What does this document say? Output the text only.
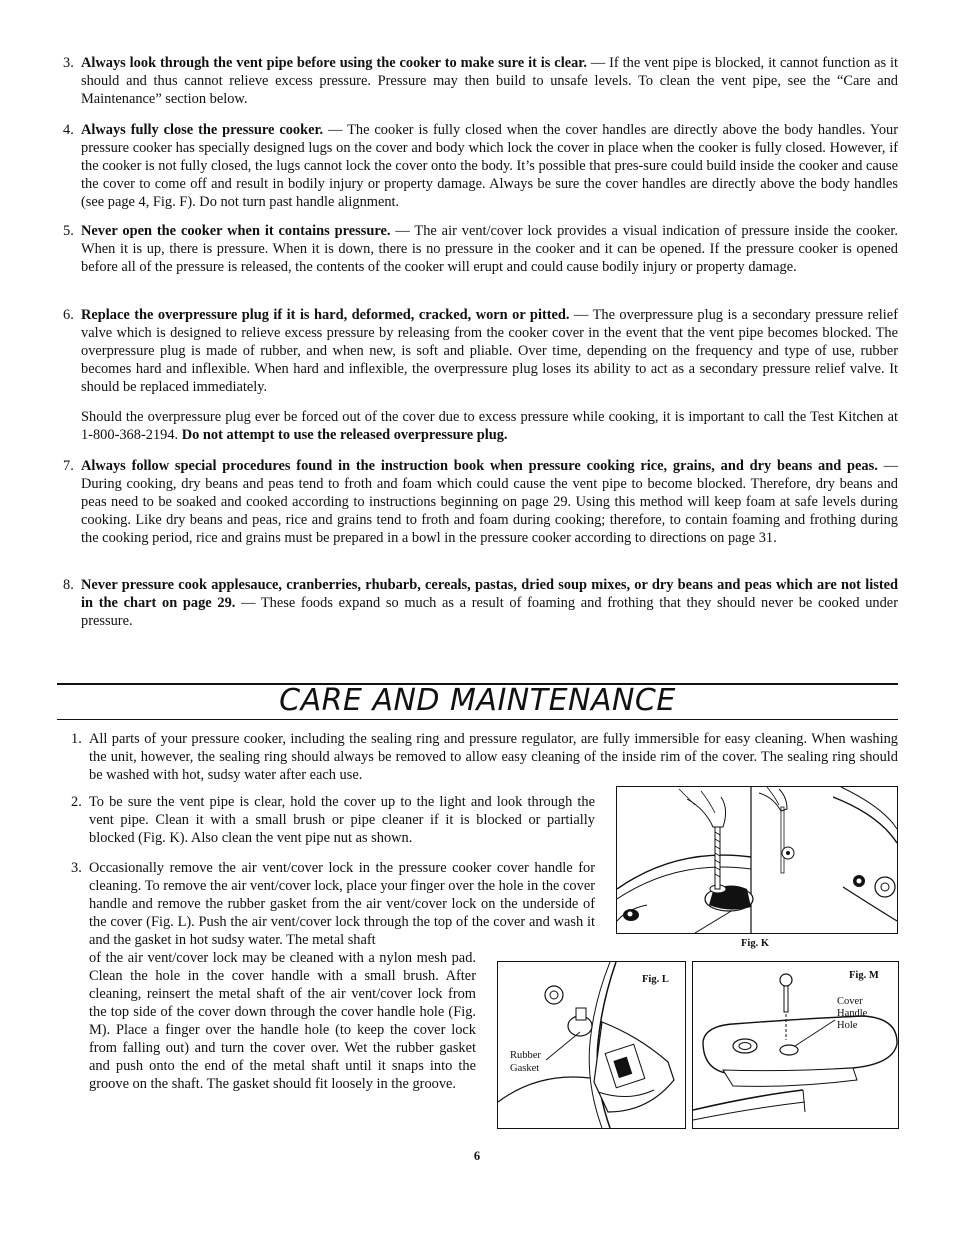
3. Always look through the vent pipe before using the cooker to make sure it is clear. — If the vent pipe is blocked, it cannot function as it should and thus cannot relieve excess pressure. Pressure may then build to unsafe levels. To clean the vent pipe, see the “Care and Maintenance” section below.

4. Always fully close the pressure cooker. — The cooker is fully closed when the cover handles are directly above the body handles. Your pressure cooker has specially designed lugs on the cover and body which lock the cover in place when the cooker is fully closed. However, if the cooker is not fully closed, the lugs cannot lock the cover onto the body. It’s possible that pres-sure could build inside the cooker and cause the cover to come off and result in bodily injury or property damage. Always be sure the cover handles are directly above the body handles (see page 4, Fig. F). Do not turn past handle alignment.

5. Never open the cooker when it contains pressure. — The air vent/cover lock provides a visual indication of pressure inside the cooker. When it is up, there is pressure. When it is down, there is no pressure in the cooker and it can be opened. If the pressure cooker is opened before all of the pressure is released, the contents of the cooker will erupt and could cause bodily injury or property damage.

6. Replace the overpressure plug if it is hard, deformed, cracked, worn or pitted. — The overpressure plug is a secondary pressure relief valve which is designed to relieve excess pressure by releasing from the cooker cover in the event that the vent pipe becomes blocked. The overpressure plug is made of rubber, and when new, is soft and pliable. Over time, depending on the frequency and type of use, rubber becomes hard and inflexible. When hard and inflexible, the overpressure plug loses its ability to act as a secondary pressure relief valve. It should be replaced immediately.

Should the overpressure plug ever be forced out of the cover due to excess pressure while cooking, it is important to call the Test Kitchen at 1-800-368-2194. Do not attempt to use the released overpressure plug.

7. Always follow special procedures found in the instruction book when pressure cooking rice, grains, and dry beans and peas. — During cooking, dry beans and peas tend to froth and foam which could cause the vent pipe to become blocked. Therefore, dry beans and peas need to be soaked and cooked according to instructions beginning on page 29. Using this method will keep foam at safe levels during cooking. Like dry beans and peas, rice and grains tend to froth and foam during cooking; therefore, to contain foaming and frothing during the cooking period, rice and grains must be prepared in a bowl in the pressure cooker according to directions on page 31.

8. Never pressure cook applesauce, cranberries, rhubarb, cereals, pastas, dried soup mixes, or dry beans and peas which are not listed in the chart on page 29. — These foods expand so much as a result of foaming and frothing that they should never be cooked under pressure.

CARE AND MAINTENANCE
1. All parts of your pressure cooker, including the sealing ring and pressure regulator, are fully immersible for easy cleaning. When washing the unit, however, the sealing ring should always be removed to allow easy cleaning of the inside rim of the cover. The sealing ring should be washed with hot, sudsy water after each use.

2. To be sure the vent pipe is clear, hold the cover up to the light and look through the vent pipe. Clean it with a small brush or pipe cleaner if it is blocked or partially blocked (Fig. K). Also clean the vent pipe nut as shown.

3. Occasionally remove the air vent/cover lock in the pressure cooker cover handle for cleaning. To remove the air vent/cover lock, place your finger over the hole in the cover handle and remove the rubber gasket from the air vent/cover lock on the underside of the cover (Fig. L). Push the air vent/cover lock through the top of the cover and wash it and the gasket in hot sudsy water. The metal shaft

of the air vent/cover lock may be cleaned with a nylon mesh pad. Clean the hole in the cover handle with a small brush. After cleaning, reinsert the metal shaft of the air vent/cover lock from the top side of the cover down through the cover handle hole (Fig. M). Place a finger over the handle hole (to keep the cover lock from falling out) and turn the cover over. Wet the rubber gasket and push onto the end of the metal shaft until it snaps into the groove on the shaft. The gasket should fit loosely in the groove.

Fig. K
Fig. L
Rubber Gasket
Fig. M
Cover
Handle
Hole
6
